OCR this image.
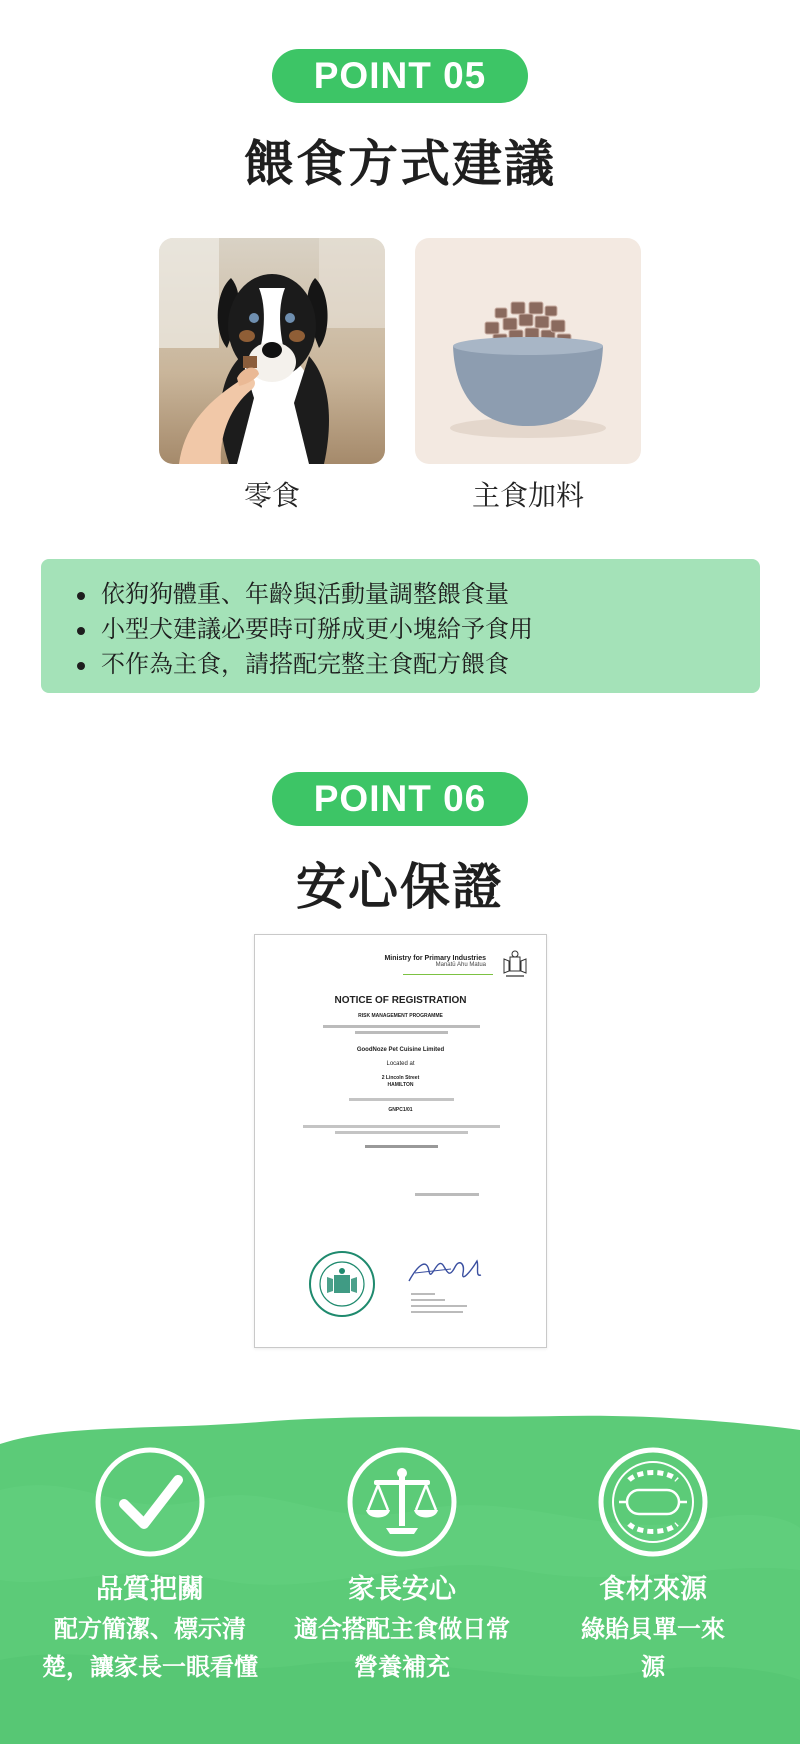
POINT 05
餵食方式建議
零食	主食加料
依狗狗體重、年齡與活動量調整餵食量
小型犬建議必要時可掰成更小塊給予食用
不作為主食，請搭配完整主食配方餵食
POINT 06
安心保證
Ministry for Primary Industries
Manatū Ahu Matua
NOTICE OF REGISTRATION
RISK MANAGEMENT PROGRAMME
GoodNoze Pet Cuisine Limited
Located at
2 Lincoln Street
HAMILTON
GNPC1/01
品質把關
配方簡潔、標示清
楚，讓家長一眼看懂
家長安心
適合搭配主食做日常
營養補充
食材來源
綠貽貝單一來
源
